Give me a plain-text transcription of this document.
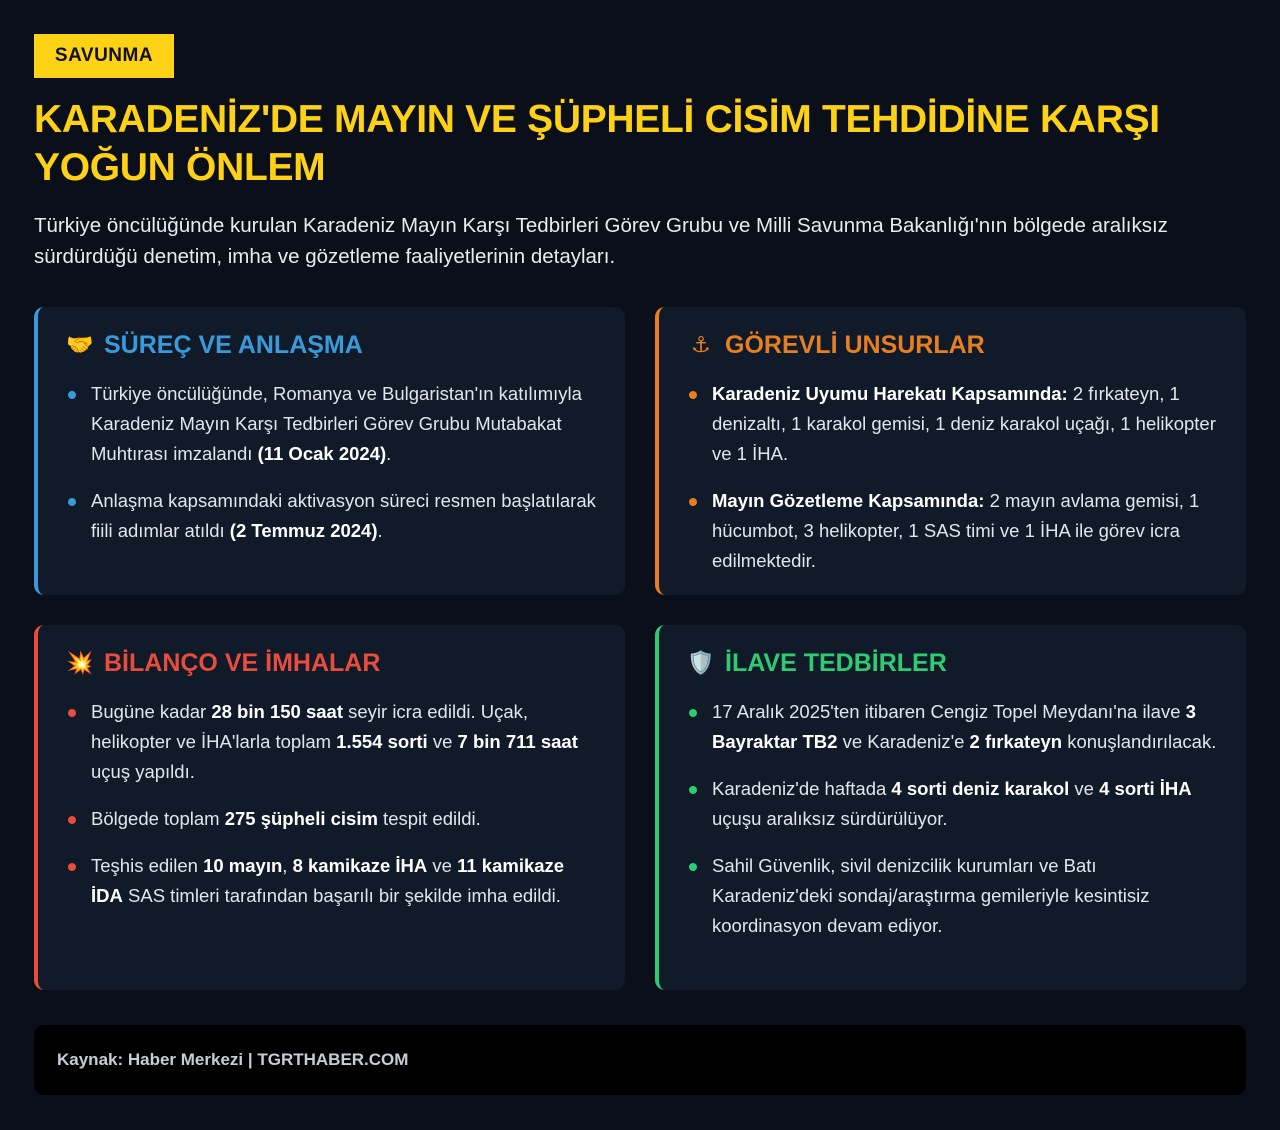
SAVUNMA
KARADENİZ'DE MAYIN VE ŞÜPHELİ CİSİM TEHDİDİNE KARŞI YOĞUN ÖNLEM

Türkiye öncülüğünde kurulan Karadeniz Mayın Karşı Tedbirleri Görev Grubu ve Milli Savunma Bakanlığı'nın bölgede aralıksız sürdürdüğü denetim, imha ve gözetleme faaliyetlerinin detayları.

🤝 SÜREÇ VE ANLAŞMA
Türkiye öncülüğünde, Romanya ve Bulgaristan'ın katılımıyla Karadeniz Mayın Karşı Tedbirleri Görev Grubu Mutabakat Muhtırası imzalandı (11 Ocak 2024).
Anlaşma kapsamındaki aktivasyon süreci resmen başlatılarak fiili adımlar atıldı (2 Temmuz 2024).
⚓ GÖREVLİ UNSURLAR
Karadeniz Uyumu Harekatı Kapsamında: 2 fırkateyn, 1 denizaltı, 1 karakol gemisi, 1 deniz karakol uçağı, 1 helikopter ve 1 İHA.
Mayın Gözetleme Kapsamında: 2 mayın avlama gemisi, 1 hücumbot, 3 helikopter, 1 SAS timi ve 1 İHA ile görev icra edilmektedir.
💥 BİLANÇO VE İMHALAR
Bugüne kadar 28 bin 150 saat seyir icra edildi. Uçak, helikopter ve İHA'larla toplam 1.554 sorti ve 7 bin 711 saat uçuş yapıldı.
Bölgede toplam 275 şüpheli cisim tespit edildi.
Teşhis edilen 10 mayın, 8 kamikaze İHA ve 11 kamikaze İDA SAS timleri tarafından başarılı bir şekilde imha edildi.
🛡️ İLAVE TEDBİRLER
17 Aralık 2025'ten itibaren Cengiz Topel Meydanı'na ilave 3 Bayraktar TB2 ve Karadeniz'e 2 fırkateyn konuşlandırılacak.
Karadeniz'de haftada 4 sorti deniz karakol ve 4 sorti İHA uçuşu aralıksız sürdürülüyor.
Sahil Güvenlik, sivil denizcilik kurumları ve Batı Karadeniz'deki sondaj/araştırma gemileriyle kesintisiz koordinasyon devam ediyor.
Kaynak: Haber Merkezi | TGRTHABER.COM
